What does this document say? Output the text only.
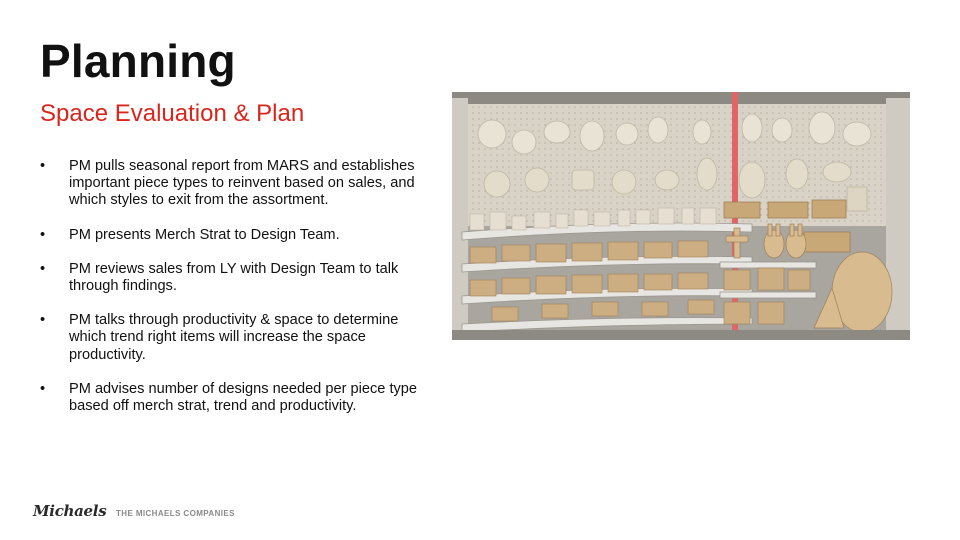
Planning
Space Evaluation & Plan
•	PM pulls seasonal report from MARS and establishes important piece types to reinvent based on sales, and which styles to exit from the assortment.
•	PM presents Merch Strat to Design Team.
•	PM reviews sales from LY with Design Team to talk through findings.
•	PM talks through productivity & space to determine which trend right items will increase the space productivity.
•	PM advises number of designs needed per piece type based off merch strat, trend and productivity.
Michaels THE MICHAELS COMPANIES
